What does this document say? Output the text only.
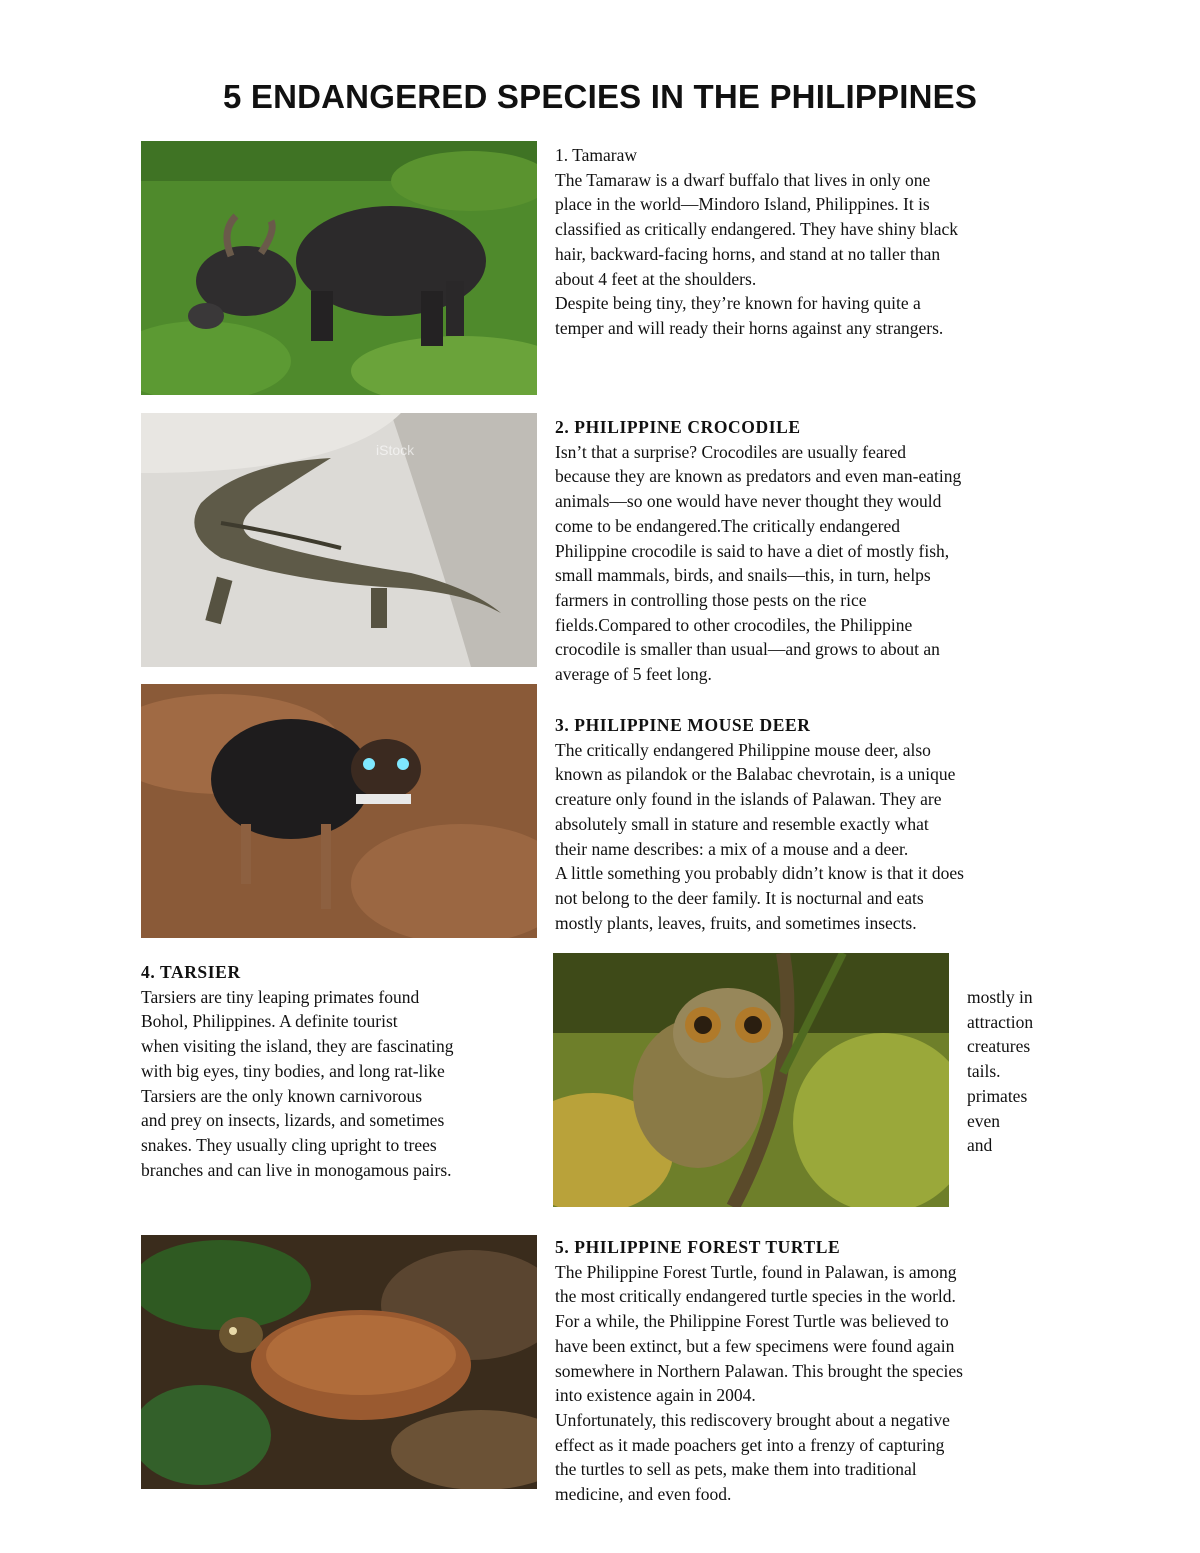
5 ENDANGERED SPECIES IN THE PHILIPPINES
1. Tamaraw
The Tamaraw is a dwarf buffalo that lives in only one
place in the world—Mindoro Island, Philippines. It is
classified as critically endangered. They have shiny black
hair, backward-facing horns, and stand at no taller than
about 4 feet at the shoulders.
Despite being tiny, they’re known for having quite a
temper and will ready their horns against any strangers.
iStock
2. PHILIPPINE CROCODILE
Isn’t that a surprise? Crocodiles are usually feared
because they are known as predators and even man-eating
animals—so one would have never thought they would
come to be endangered.The critically endangered
Philippine crocodile is said to have a diet of mostly fish,
small mammals, birds, and snails—this, in turn, helps
farmers in controlling those pests on the rice
fields.Compared to other crocodiles, the Philippine
crocodile is smaller than usual—and grows to about an
average of 5 feet long.
3. PHILIPPINE MOUSE DEER
The critically endangered Philippine mouse deer, also
known as pilandok or the Balabac chevrotain, is a unique
creature only found in the islands of Palawan. They are
absolutely small in stature and resemble exactly what
their name describes: a mix of a mouse and a deer.
A little something you probably didn’t know is that it does
not belong to the deer family. It is nocturnal and eats
mostly plants, leaves, fruits, and sometimes insects.
4. TARSIER
Tarsiers are tiny leaping primates found
Bohol, Philippines. A definite tourist
when visiting the island, they are fascinating
with big eyes, tiny bodies, and long rat-like
Tarsiers are the only known carnivorous
and prey on insects, lizards, and sometimes
snakes. They usually cling upright to trees
branches and can live in monogamous pairs.
mostly in
attraction
creatures
tails.
primates
even
and
5. PHILIPPINE FOREST TURTLE
The Philippine Forest Turtle, found in Palawan, is among
the most critically endangered turtle species in the world.
For a while, the Philippine Forest Turtle was believed to
have been extinct, but a few specimens were found again
somewhere in Northern Palawan. This brought the species
into existence again in 2004.
Unfortunately, this rediscovery brought about a negative
effect as it made poachers get into a frenzy of capturing
the turtles to sell as pets, make them into traditional
medicine, and even food.
